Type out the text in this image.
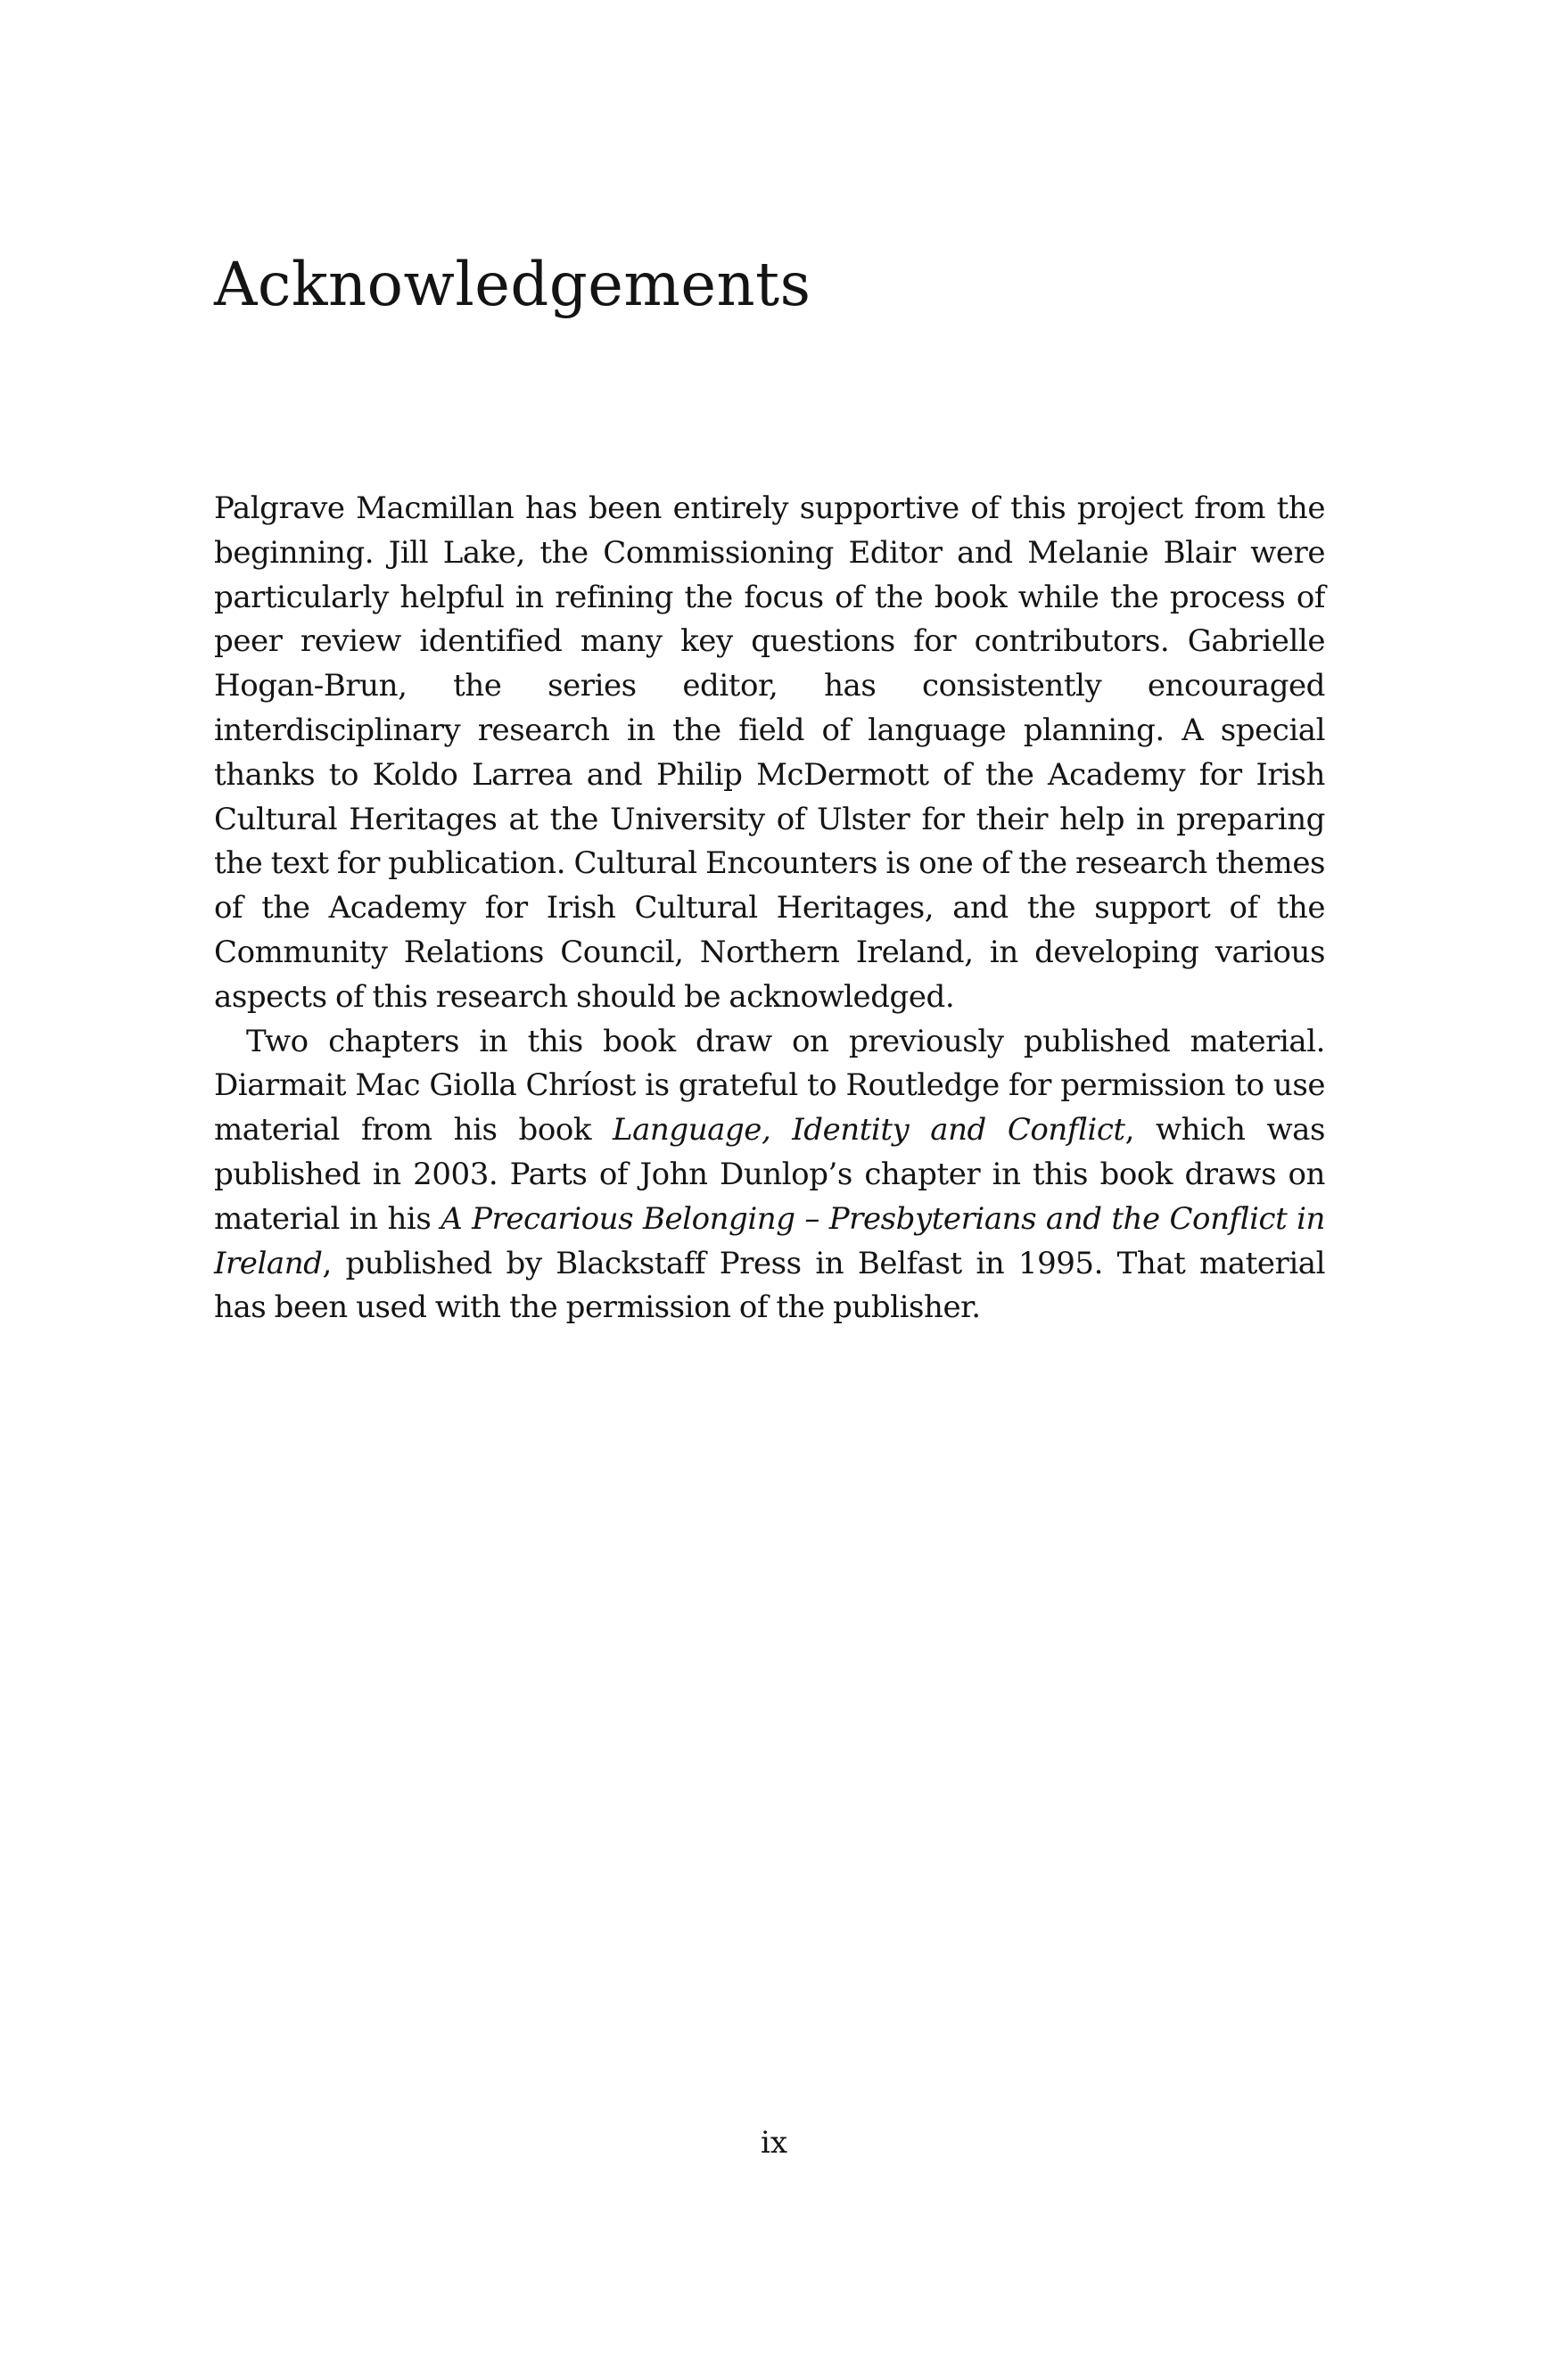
Acknowledgements

Palgrave Macmillan has been entirely supportive of this project from the beginning. Jill Lake, the Commissioning Editor and Melanie Blair were particularly helpful in refining the focus of the book while the process of peer review identified many key questions for contributors. Gabrielle Hogan-Brun, the series editor, has consistently encouraged interdisciplinary research in the field of language planning. A special thanks to Koldo Larrea and Philip McDermott of the Academy for Irish Cultural Heritages at the University of Ulster for their help in preparing the text for publication. Cultural Encounters is one of the research themes of the Academy for Irish Cultural Heritages, and the support of the Community Relations Council, Northern Ireland, in developing various aspects of this research should be acknowledged.

Two chapters in this book draw on previously published material. Diarmait Mac Giolla Chríost is grateful to Routledge for permission to use material from his book Language, Identity and Conflict, which was published in 2003. Parts of John Dunlop’s chapter in this book draws on material in his A Precarious Belonging – Presbyterians and the Conflict in Ireland, published by Blackstaff Press in Belfast in 1995. That material has been used with the permission of the publisher.

ix
